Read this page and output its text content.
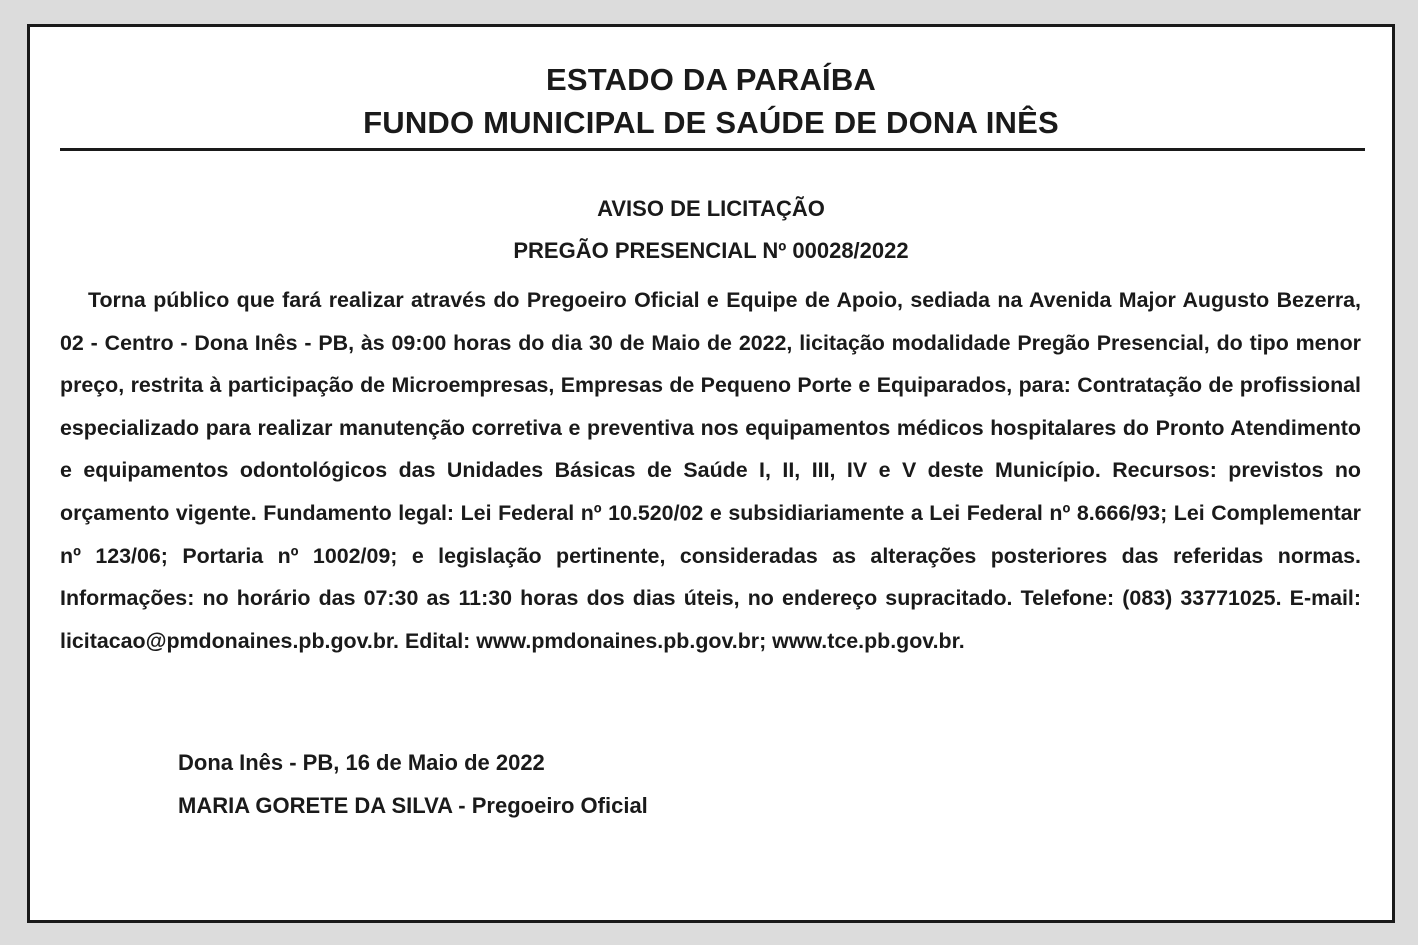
ESTADO DA PARAÍBA
FUNDO MUNICIPAL DE SAÚDE DE DONA INÊS
AVISO DE LICITAÇÃO
PREGÃO PRESENCIAL Nº 00028/2022

Torna público que fará realizar através do Pregoeiro Oficial e Equipe de Apoio, sediada na Avenida Major Augusto Bezerra, 02 - Centro - Dona Inês - PB, às 09:00 horas do dia 30 de Maio de 2022, licitação modalidade Pregão Presencial, do tipo menor preço, restrita à participação de Microempresas, Empresas de Pequeno Porte e Equiparados, para: Contratação de profissional especializado para realizar manutenção corretiva e preventiva nos equipamentos médicos hospitalares do Pronto Atendimento e equipamentos odontológicos das Unidades Básicas de Saúde I, II, III, IV e V deste Município. Recursos: previstos no orçamento vigente. Fundamento legal: Lei Federal nº 10.520/02 e subsidiariamente a Lei Federal nº 8.666/93; Lei Complementar nº 123/06; Portaria nº 1002/09; e legislação pertinente, consideradas as alterações posteriores das referidas normas. Informações: no horário das 07:30 as 11:30 horas dos dias úteis, no endereço supracitado. Telefone: (083) 33771025. E-mail: licitacao@pmdonaines.pb.gov.br. Edital: www.pmdonaines.pb.gov.br; www.tce.pb.gov.br.

Dona Inês - PB, 16 de Maio de 2022
MARIA GORETE DA SILVA - Pregoeiro Oficial
